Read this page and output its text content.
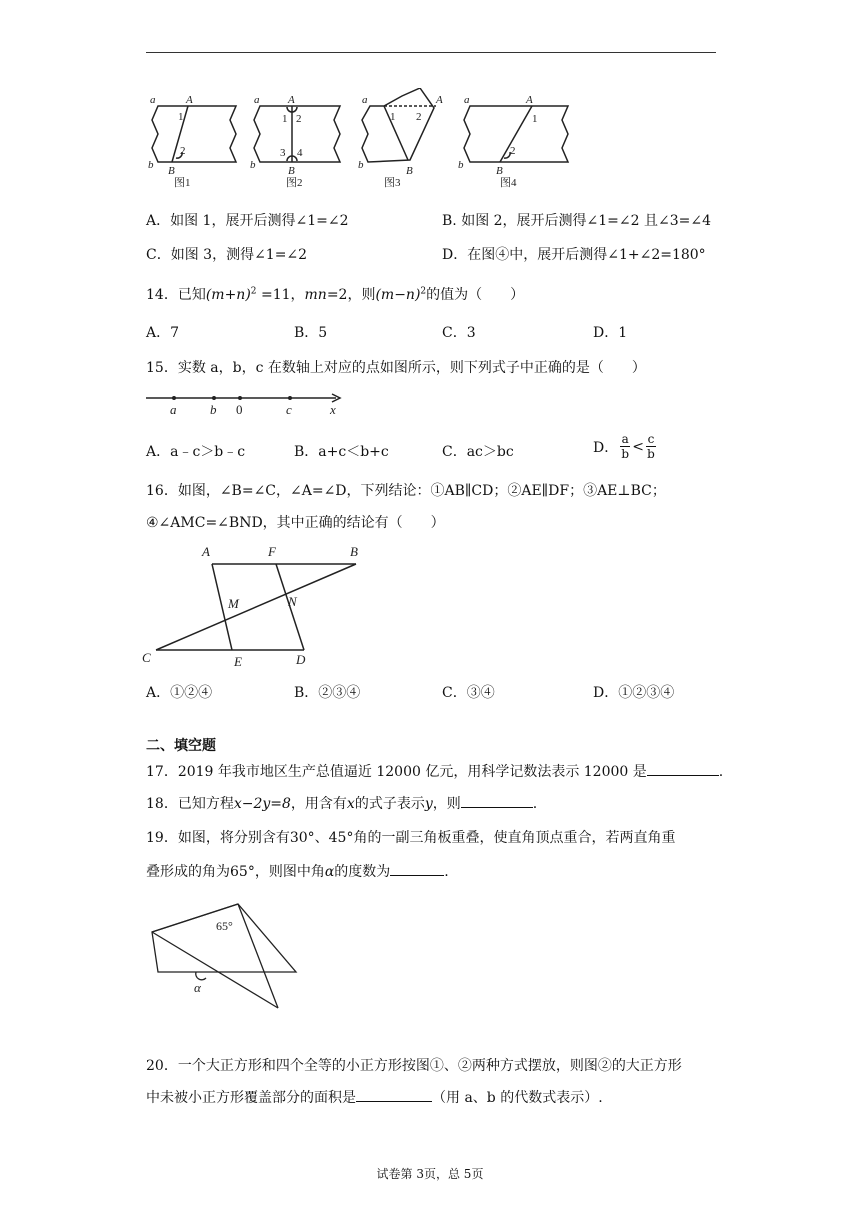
a	A
1
2
b B
a	A
1 2
3 4
b	B
a	A
1 2
b	B
a	A
1
2
b	B
图1	图2	图3	图4
A．如图 1，展开后测得∠1=∠2	B. 如图 2，展开后测得∠1=∠2 且∠3=∠4
C．如图 3，测得∠1=∠2	D．在图④中，展开后测得∠1+∠2=180°
14．已知$(m+n)^2 =11$，mn=2，则$(m-n)^2$的值为（　　）
A．7	B．5	C．3	D．1
15．实数 a，b，c 在数轴上对应的点如图所示，则下列式子中正确的是（　　）
a	b 0	c	x
A．a﹣c＞b﹣c	B．a+c＜b+c	C．ac＞bc	D．
a
b < c
b
16．如图，∠B=∠C，∠A=∠D，下列结论：①AB∥CD；②AE∥DF；③AE⊥BC；
④∠AMC=∠BND，其中正确的结论有（　　）
A	F	B
M	N
C	E	D
A．①②④	B．②③④	C．③④	D．①②③④
二、填空题
17．2019 年我市地区生产总值逼近 12000 亿元，用科学记数法表示 12000 是	.
18．已知方程x−2y=8，用含有x的式子表示y，则	.
19．如图，将分别含有30°、45°角的一副三角板重叠，使直角顶点重合，若两直角重
叠形成的角为65°，则图中角α的度数为	.
65°
α
20．一个大正方形和四个全等的小正方形按图①、②两种方式摆放，则图②的大正方形
中未被小正方形覆盖部分的面积是	（用 a、b 的代数式表示）.
试卷第 3页，总 5页
